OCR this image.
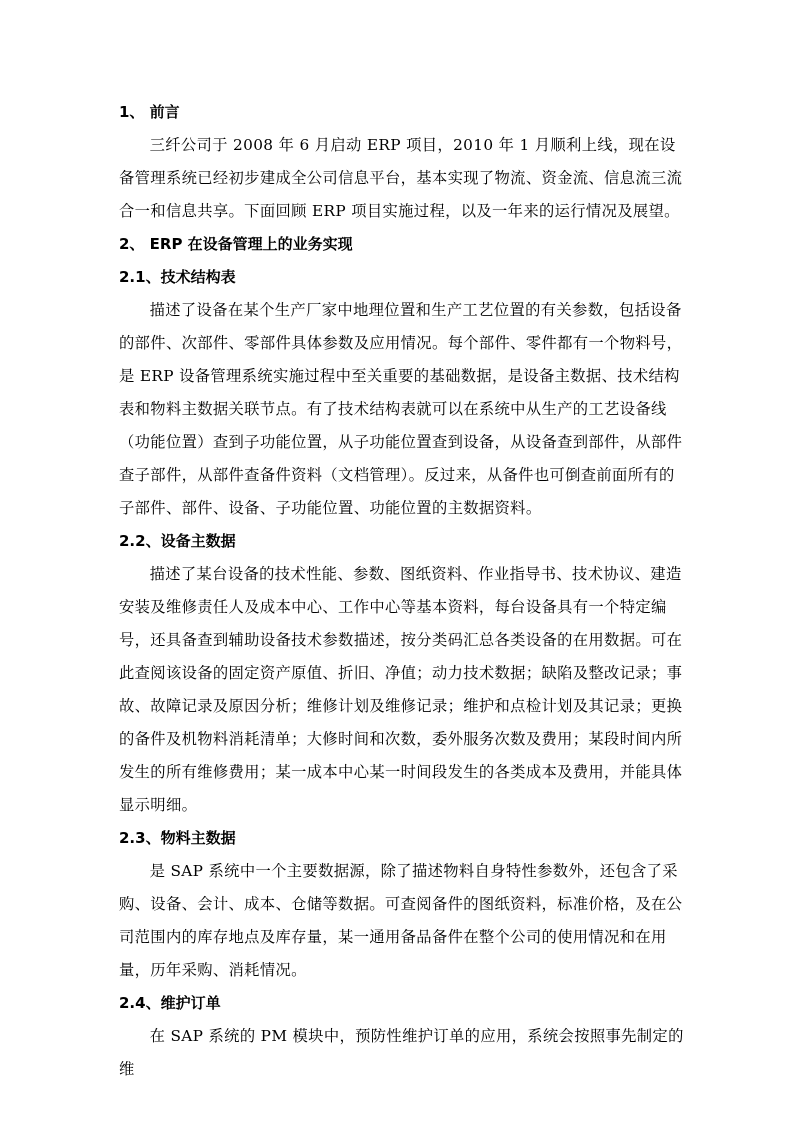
1、 前言

三纤公司于 2008 年 6 月启动 ERP 项目，2010 年 1 月顺利上线，现在设备管理系统已经初步建成全公司信息平台，基本实现了物流、资金流、信息流三流合一和信息共享。下面回顾 ERP 项目实施过程，以及一年来的运行情况及展望。

2、 ERP 在设备管理上的业务实现
2.1、技术结构表

描述了设备在某个生产厂家中地理位置和生产工艺位置的有关参数，包括设备的部件、次部件、零部件具体参数及应用情况。每个部件、零件都有一个物料号，是 ERP 设备管理系统实施过程中至关重要的基础数据，是设备主数据、技术结构表和物料主数据关联节点。有了技术结构表就可以在系统中从生产的工艺设备线（功能位置）查到子功能位置，从子功能位置查到设备，从设备查到部件，从部件查子部件，从部件查备件资料（文档管理）。反过来，从备件也可倒查前面所有的子部件、部件、设备、子功能位置、功能位置的主数据资料。

2.2、设备主数据

描述了某台设备的技术性能、参数、图纸资料、作业指导书、技术协议、建造安装及维修责任人及成本中心、工作中心等基本资料，每台设备具有一个特定编号，还具备查到辅助设备技术参数描述，按分类码汇总各类设备的在用数据。可在此查阅该设备的固定资产原值、折旧、净值；动力技术数据；缺陷及整改记录；事故、故障记录及原因分析；维修计划及维修记录；维护和点检计划及其记录；更换的备件及机物料消耗清单；大修时间和次数，委外服务次数及费用；某段时间内所发生的所有维修费用；某一成本中心某一时间段发生的各类成本及费用，并能具体显示明细。

2.3、物料主数据

是 SAP 系统中一个主要数据源，除了描述物料自身特性参数外，还包含了采购、设备、会计、成本、仓储等数据。可查阅备件的图纸资料，标准价格，及在公司范围内的库存地点及库存量，某一通用备品备件在整个公司的使用情况和在用量，历年采购、消耗情况。

2.4、维护订单

在 SAP 系统的 PM 模块中，预防性维护订单的应用，系统会按照事先制定的维
